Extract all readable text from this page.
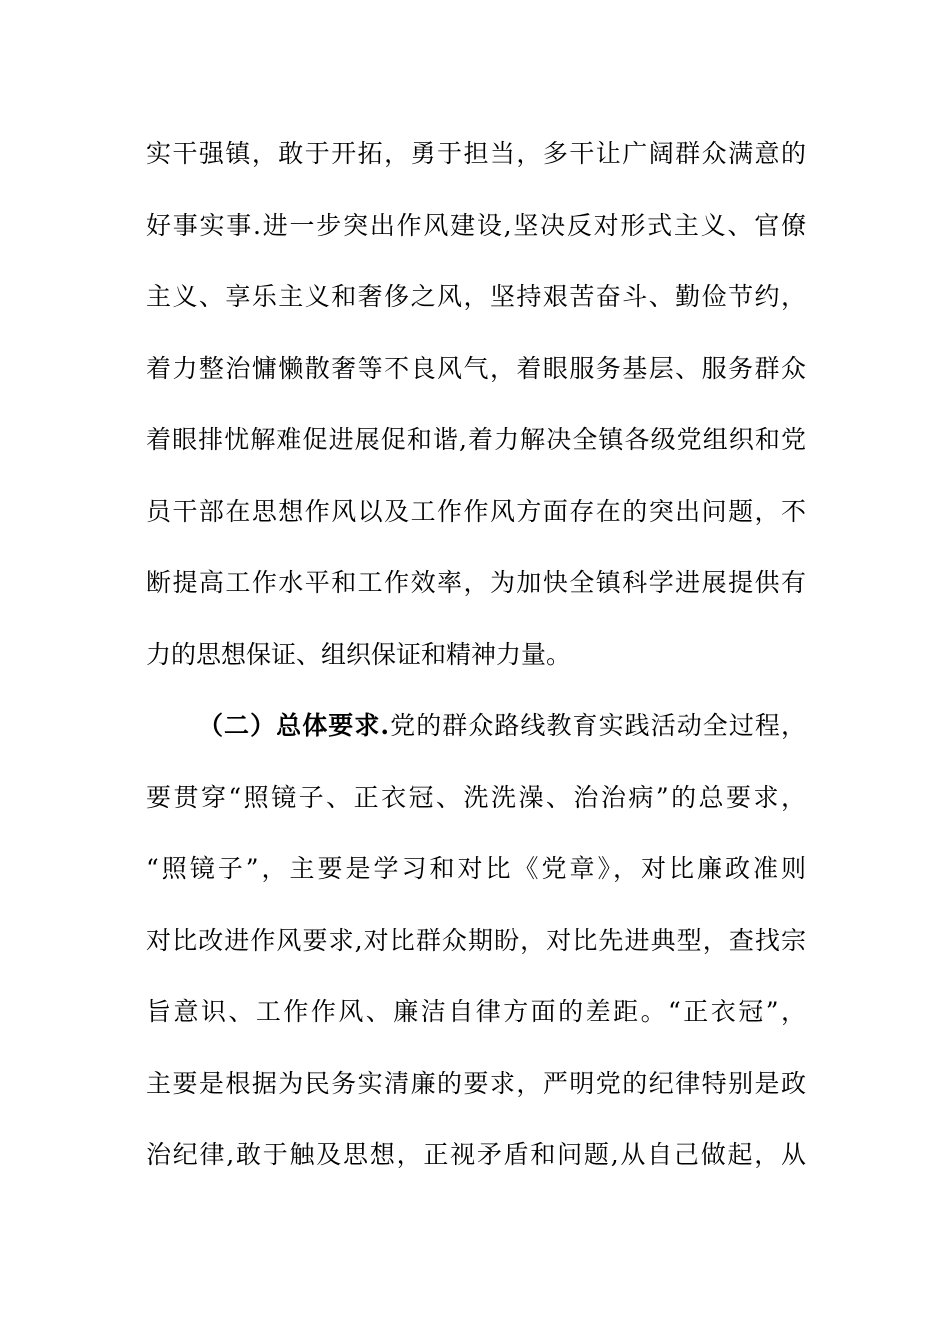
实干强镇，敢于开拓，勇于担当，多干让广阔群众满意的
好事实事.进一步突出作风建设,坚决反对形式主义、官僚
主义、享乐主义和奢侈之风，坚持艰苦奋斗、勤俭节约，
着力整治慵懒散奢等不良风气，着眼服务基层、服务群众
着眼排忧解难促进展促和谐,着力解决全镇各级党组织和党
员干部在思想作风以及工作作风方面存在的突出问题，不
断提高工作水平和工作效率，为加快全镇科学进展提供有
力的思想保证、组织保证和精神力量。
（二）总体要求.党的群众路线教育实践活动全过程，
要贯穿“照镜子、正衣冠、洗洗澡、治治病”的总要求，
“照镜子”，主要是学习和对比《党章》，对比廉政准则
对比改进作风要求,对比群众期盼，对比先进典型，查找宗
旨意识、工作作风、廉洁自律方面的差距。“正衣冠”，
主要是根据为民务实清廉的要求，严明党的纪律特别是政
治纪律,敢于触及思想，正视矛盾和问题,从自己做起，从
